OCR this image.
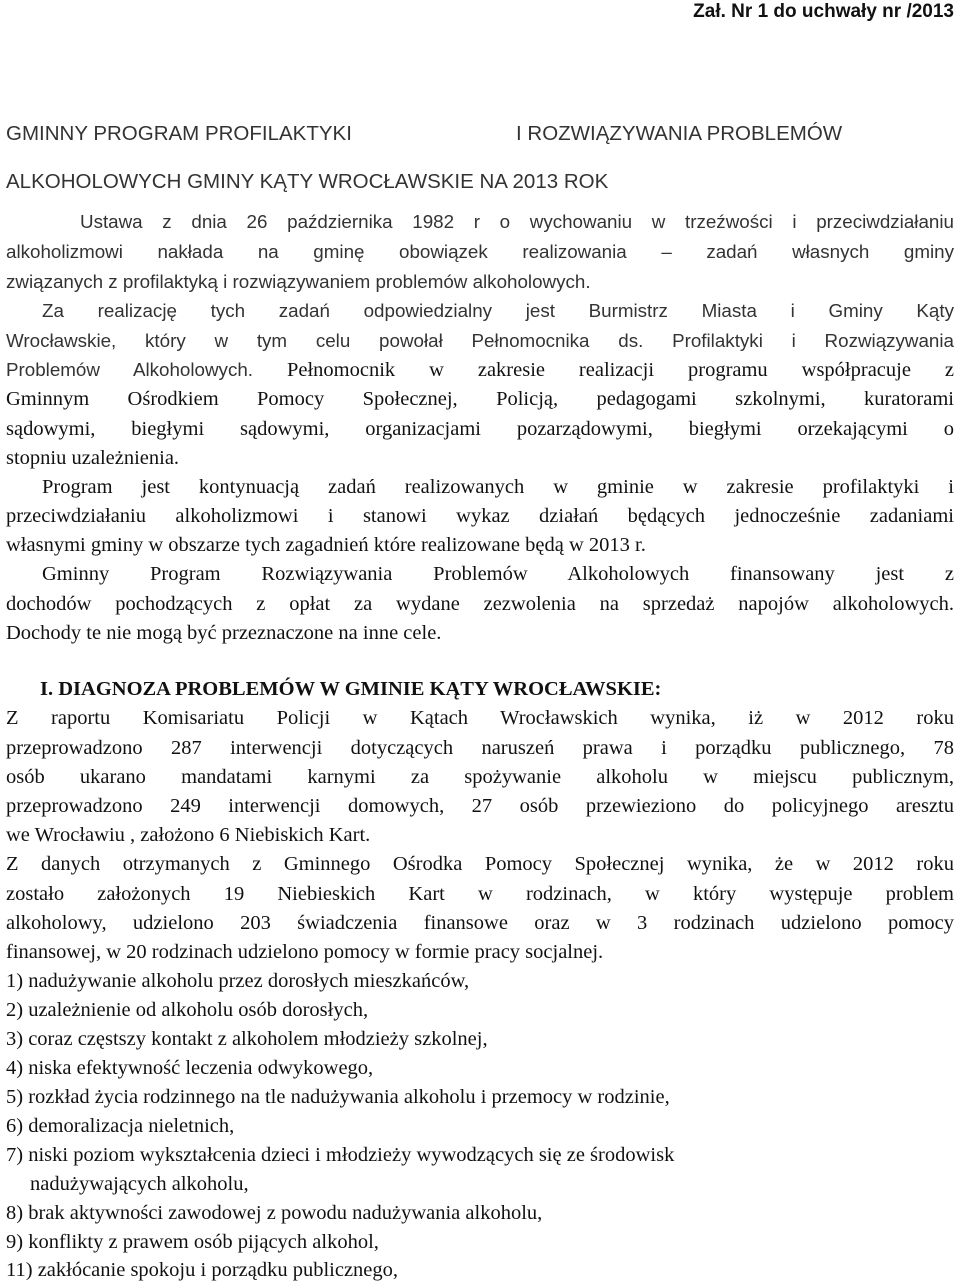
Zał. Nr 1 do uchwały nr /2013
GMINNY PROGRAM PROFILAKTYKI	I ROZWIĄZYWANIA PROBLEMÓW
ALKOHOLOWYCH GMINY KĄTY WROCŁAWSKIE NA 2013 ROK
Ustawa z dnia 26 października 1982 r o wychowaniu w trzeźwości i przeciwdziałaniu
alkoholizmowi nakłada na gminę obowiązek realizowania – zadań własnych gminy
związanych z profilaktyką i rozwiązywaniem problemów alkoholowych.
Za realizację tych zadań odpowiedzialny jest Burmistrz Miasta i Gminy Kąty
Wrocławskie, który w tym celu powołał Pełnomocnika ds. Profilaktyki i Rozwiązywania
Problemów Alkoholowych. Pełnomocnik w zakresie realizacji programu współpracuje z
Gminnym Ośrodkiem Pomocy Społecznej, Policją, pedagogami szkolnymi, kuratorami
sądowymi, biegłymi sądowymi, organizacjami pozarządowymi, biegłymi orzekającymi o
stopniu uzależnienia.
Program jest kontynuacją zadań realizowanych w gminie w zakresie profilaktyki i
przeciwdziałaniu alkoholizmowi i stanowi wykaz działań będących jednocześnie zadaniami
własnymi gminy w obszarze tych zagadnień które realizowane będą w 2013 r.
Gminny Program Rozwiązywania Problemów Alkoholowych finansowany jest z
dochodów pochodzących z opłat za wydane zezwolenia na sprzedaż napojów alkoholowych.
Dochody te nie mogą być przeznaczone na inne cele.
I. DIAGNOZA PROBLEMÓW W GMINIE KĄTY WROCŁAWSKIE:
Z raportu Komisariatu Policji w Kątach Wrocławskich wynika, iż w 2012 roku
przeprowadzono 287 interwencji dotyczących naruszeń prawa i porządku publicznego, 78
osób ukarano mandatami karnymi za spożywanie alkoholu w miejscu publicznym,
przeprowadzono 249 interwencji domowych, 27 osób przewieziono do policyjnego aresztu
we Wrocławiu , założono 6 Niebiskich Kart.
Z danych otrzymanych z Gminnego Ośrodka Pomocy Społecznej wynika, że w 2012 roku
zostało założonych 19 Niebieskich Kart w rodzinach, w który występuje problem
alkoholowy, udzielono 203 świadczenia finansowe oraz w 3 rodzinach udzielono pomocy
finansowej, w 20 rodzinach udzielono pomocy w formie pracy socjalnej.
1) nadużywanie alkoholu przez dorosłych mieszkańców,
2) uzależnienie od alkoholu osób dorosłych,
3) coraz częstszy kontakt z alkoholem młodzieży szkolnej,
4) niska efektywność leczenia odwykowego,
5) rozkład życia rodzinnego na tle nadużywania alkoholu i przemocy w rodzinie,
6) demoralizacja nieletnich,
7) niski poziom wykształcenia dzieci i młodzieży wywodzących się ze środowisk
nadużywających alkoholu,
8) brak aktywności zawodowej z powodu nadużywania alkoholu,
9) konflikty z prawem osób pijących alkohol,
11) zakłócanie spokoju i porządku publicznego,
